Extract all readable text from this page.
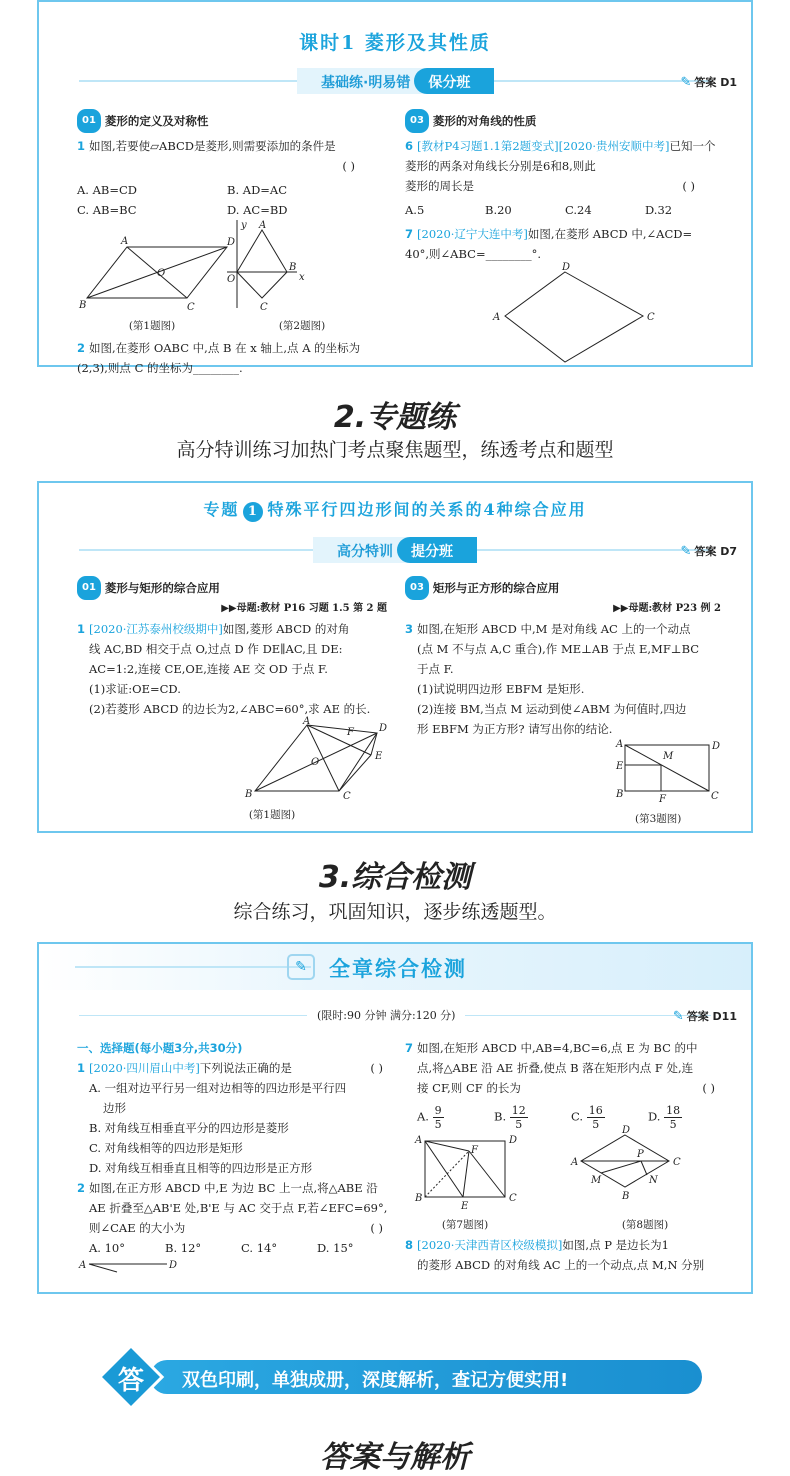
课时1 菱形及其性质
基础练·明易错	保分班	✎ 答案 D1
01 菱形的定义及对称性
1 如图,若要使▱ABCD是菱形,则需要添加的条件是
( )
A. AB=CD	B. AD=AC
C. AB=BC	D. AC=BD
A	D
C
B
O
y A
B
x
O
C
(第1题图)	(第2题图)
2 如图,在菱形 OABC 中,点 B 在 x 轴上,点 A 的坐标为
(2,3),则点 C 的坐标为________.
03 菱形的对角线的性质
6 [教材P4习题1.1第2题变式][2020·贵州安顺中考]已知一个菱形的两条对角线长分别是6和8,则此
菱形的周长是	( )
A.5	B.20	C.24	D.32
7 [2020·辽宁大连中考]如图,在菱形 ABCD 中,∠ACD=
40°,则∠ABC=________°.
D
C
A
2.专题练
高分特训练习加热门考点聚焦题型，练透考点和题型
专题 1 特殊平行四边形间的关系的4种综合应用
高分特训	提分班	✎ 答案 D7
01 菱形与矩形的综合应用
▶▶母题:教材 P16 习题 1.5 第 2 题
1 [2020·江苏泰州校级期中]如图,菱形 ABCD 的对角
线 AC,BD 相交于点 O,过点 D 作 DE∥AC,且 DE:
AC=1:2,连接 CE,OE,连接 AE 交 OD 于点 F.
(1)求证:OE=CD.
(2)若菱形 ABCD 的边长为2,∠ABC=60°,求 AE 的长.
A
D
C
B
O
F
E
(第1题图)
03 矩形与正方形的综合应用
▶▶母题:教材 P23 例 2
3 如图,在矩形 ABCD 中,M 是对角线 AC 上的一个动点
(点 M 不与点 A,C 重合),作 ME⊥AB 于点 E,MF⊥BC
于点 F.
(1)试说明四边形 EBFM 是矩形.
(2)连接 BM,当点 M 运动到使∠ABM 为何值时,四边
形 EBFM 为正方形? 请写出你的结论.
A	D
E
M
B	F	C
(第3题图)
3.综合检测
综合练习，巩固知识，逐步练透题型。
✎	全章综合检测
(限时:90 分钟 满分:120 分)	✎ 答案 D11
一、选择题(每小题3分,共30分)
1 [2020·四川眉山中考]下列说法正确的是	( )
A. 一组对边平行另一组对边相等的四边形是平行四
边形
B. 对角线互相垂直平分的四边形是菱形
C. 对角线相等的四边形是矩形
D. 对角线互相垂直且相等的四边形是正方形
2 如图,在正方形 ABCD 中,E 为边 BC 上一点,将△ABE 沿
AE 折叠至△AB'E 处,B'E 与 AC 交于点 F,若∠EFC=69°,
则∠CAE 的大小为	( )
A. 10°	B. 12°	C. 14°	D. 15°
A	D
7 如图,在矩形 ABCD 中,AB=4,BC=6,点 E 为 BC 的中
点,将△ABE 沿 AE 折叠,使点 B 落在矩形内点 F 处,连
接 CF,则 CF 的长为	( )
A. $\frac{9}{5}$	B. $\frac{12}{5}$	C. $\frac{16}{5}$	D. $\frac{18}{5}$
A	D
F
B
E
C
D
A	C
P
M	N
B
(第7题图)	(第8题图)
8 [2020·天津西青区校级模拟]如图,点 P 是边长为1
的菱形 ABCD 的对角线 AC 上的一个动点,点 M,N 分别
答	双色印刷，单独成册，深度解析，查记方便实用!
答案与解析
